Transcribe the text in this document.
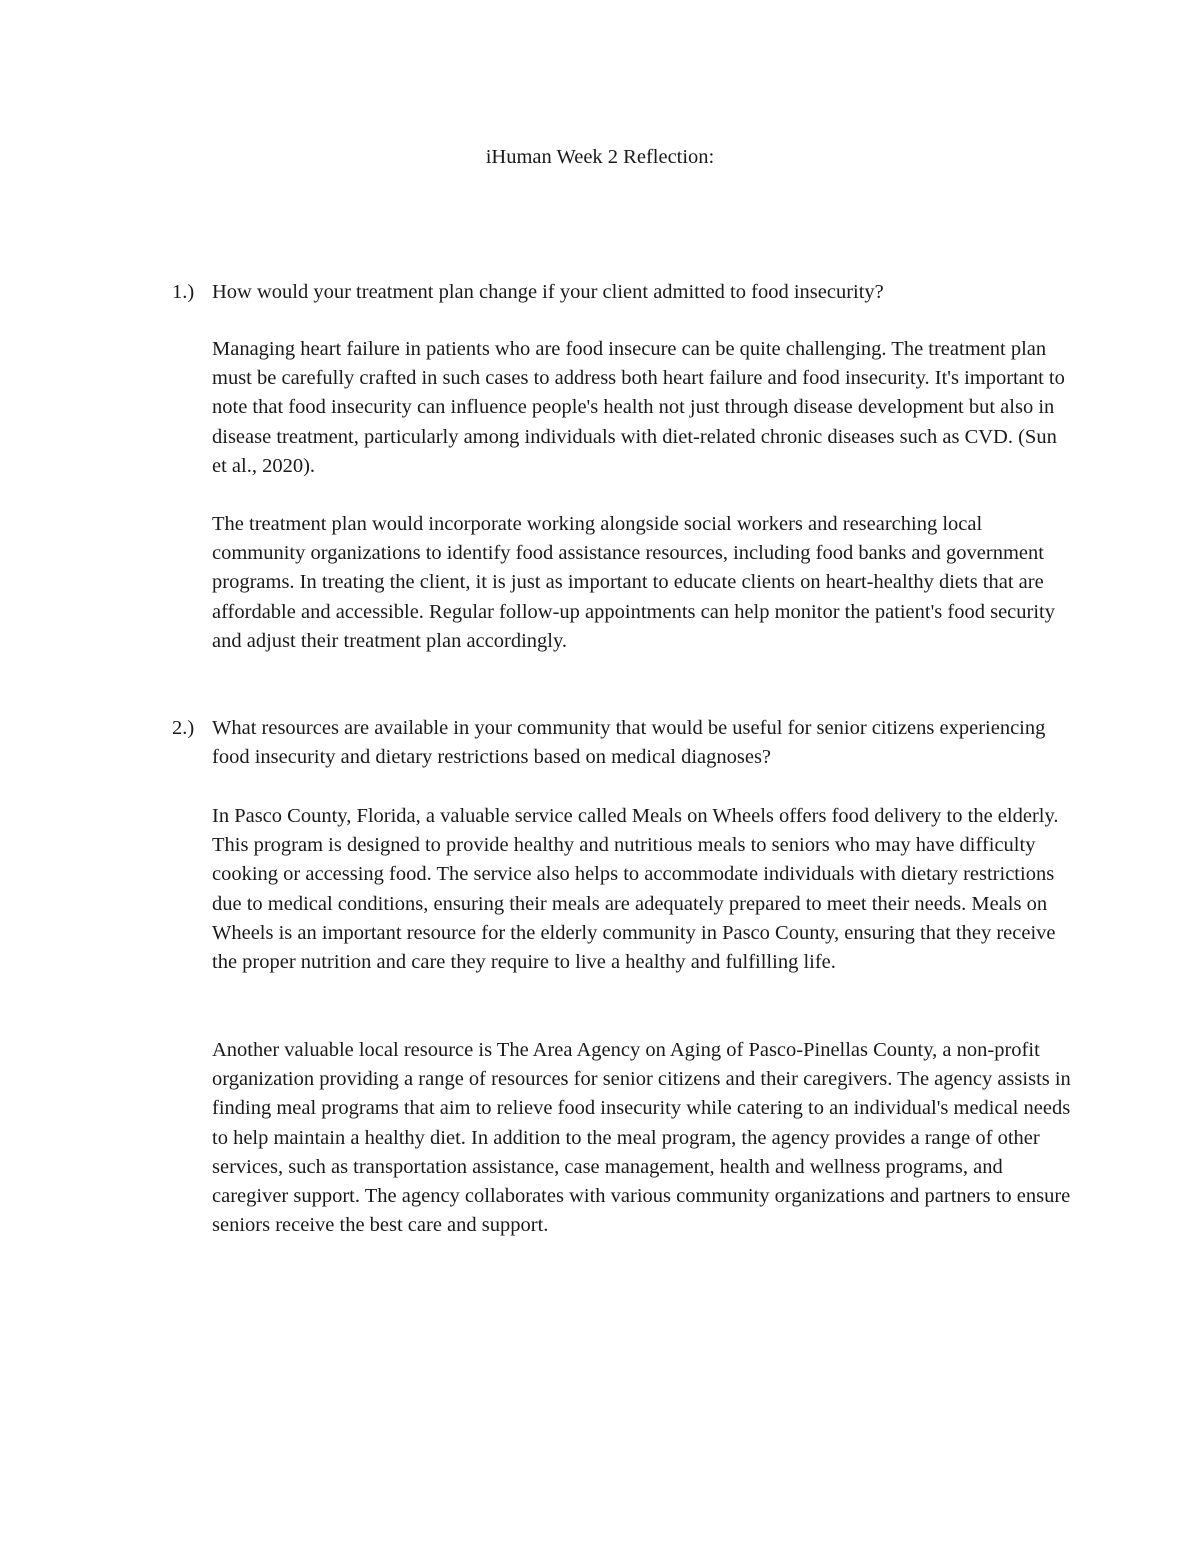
iHuman Week 2 Reflection:
1.) How would your treatment plan change if your client admitted to food insecurity?
Managing heart failure in patients who are food insecure can be quite challenging. The treatment plan must be carefully crafted in such cases to address both heart failure and food insecurity. It's important to note that food insecurity can influence people's health not just through disease development but also in disease treatment, particularly among individuals with diet-related chronic diseases such as CVD. (Sun et al., 2020).
The treatment plan would incorporate working alongside social workers and researching local community organizations to identify food assistance resources, including food banks and government programs. In treating the client, it is just as important to educate clients on heart-healthy diets that are affordable and accessible. Regular follow-up appointments can help monitor the patient's food security and adjust their treatment plan accordingly.
2.) What resources are available in your community that would be useful for senior citizens experiencing food insecurity and dietary restrictions based on medical diagnoses?
In Pasco County, Florida, a valuable service called Meals on Wheels offers food delivery to the elderly. This program is designed to provide healthy and nutritious meals to seniors who may have difficulty cooking or accessing food. The service also helps to accommodate individuals with dietary restrictions due to medical conditions, ensuring their meals are adequately prepared to meet their needs. Meals on Wheels is an important resource for the elderly community in Pasco County, ensuring that they receive the proper nutrition and care they require to live a healthy and fulfilling life.
Another valuable local resource is The Area Agency on Aging of Pasco-Pinellas County, a non-profit organization providing a range of resources for senior citizens and their caregivers. The agency assists in finding meal programs that aim to relieve food insecurity while catering to an individual's medical needs to help maintain a healthy diet. In addition to the meal program, the agency provides a range of other services, such as transportation assistance, case management, health and wellness programs, and caregiver support. The agency collaborates with various community organizations and partners to ensure seniors receive the best care and support.
